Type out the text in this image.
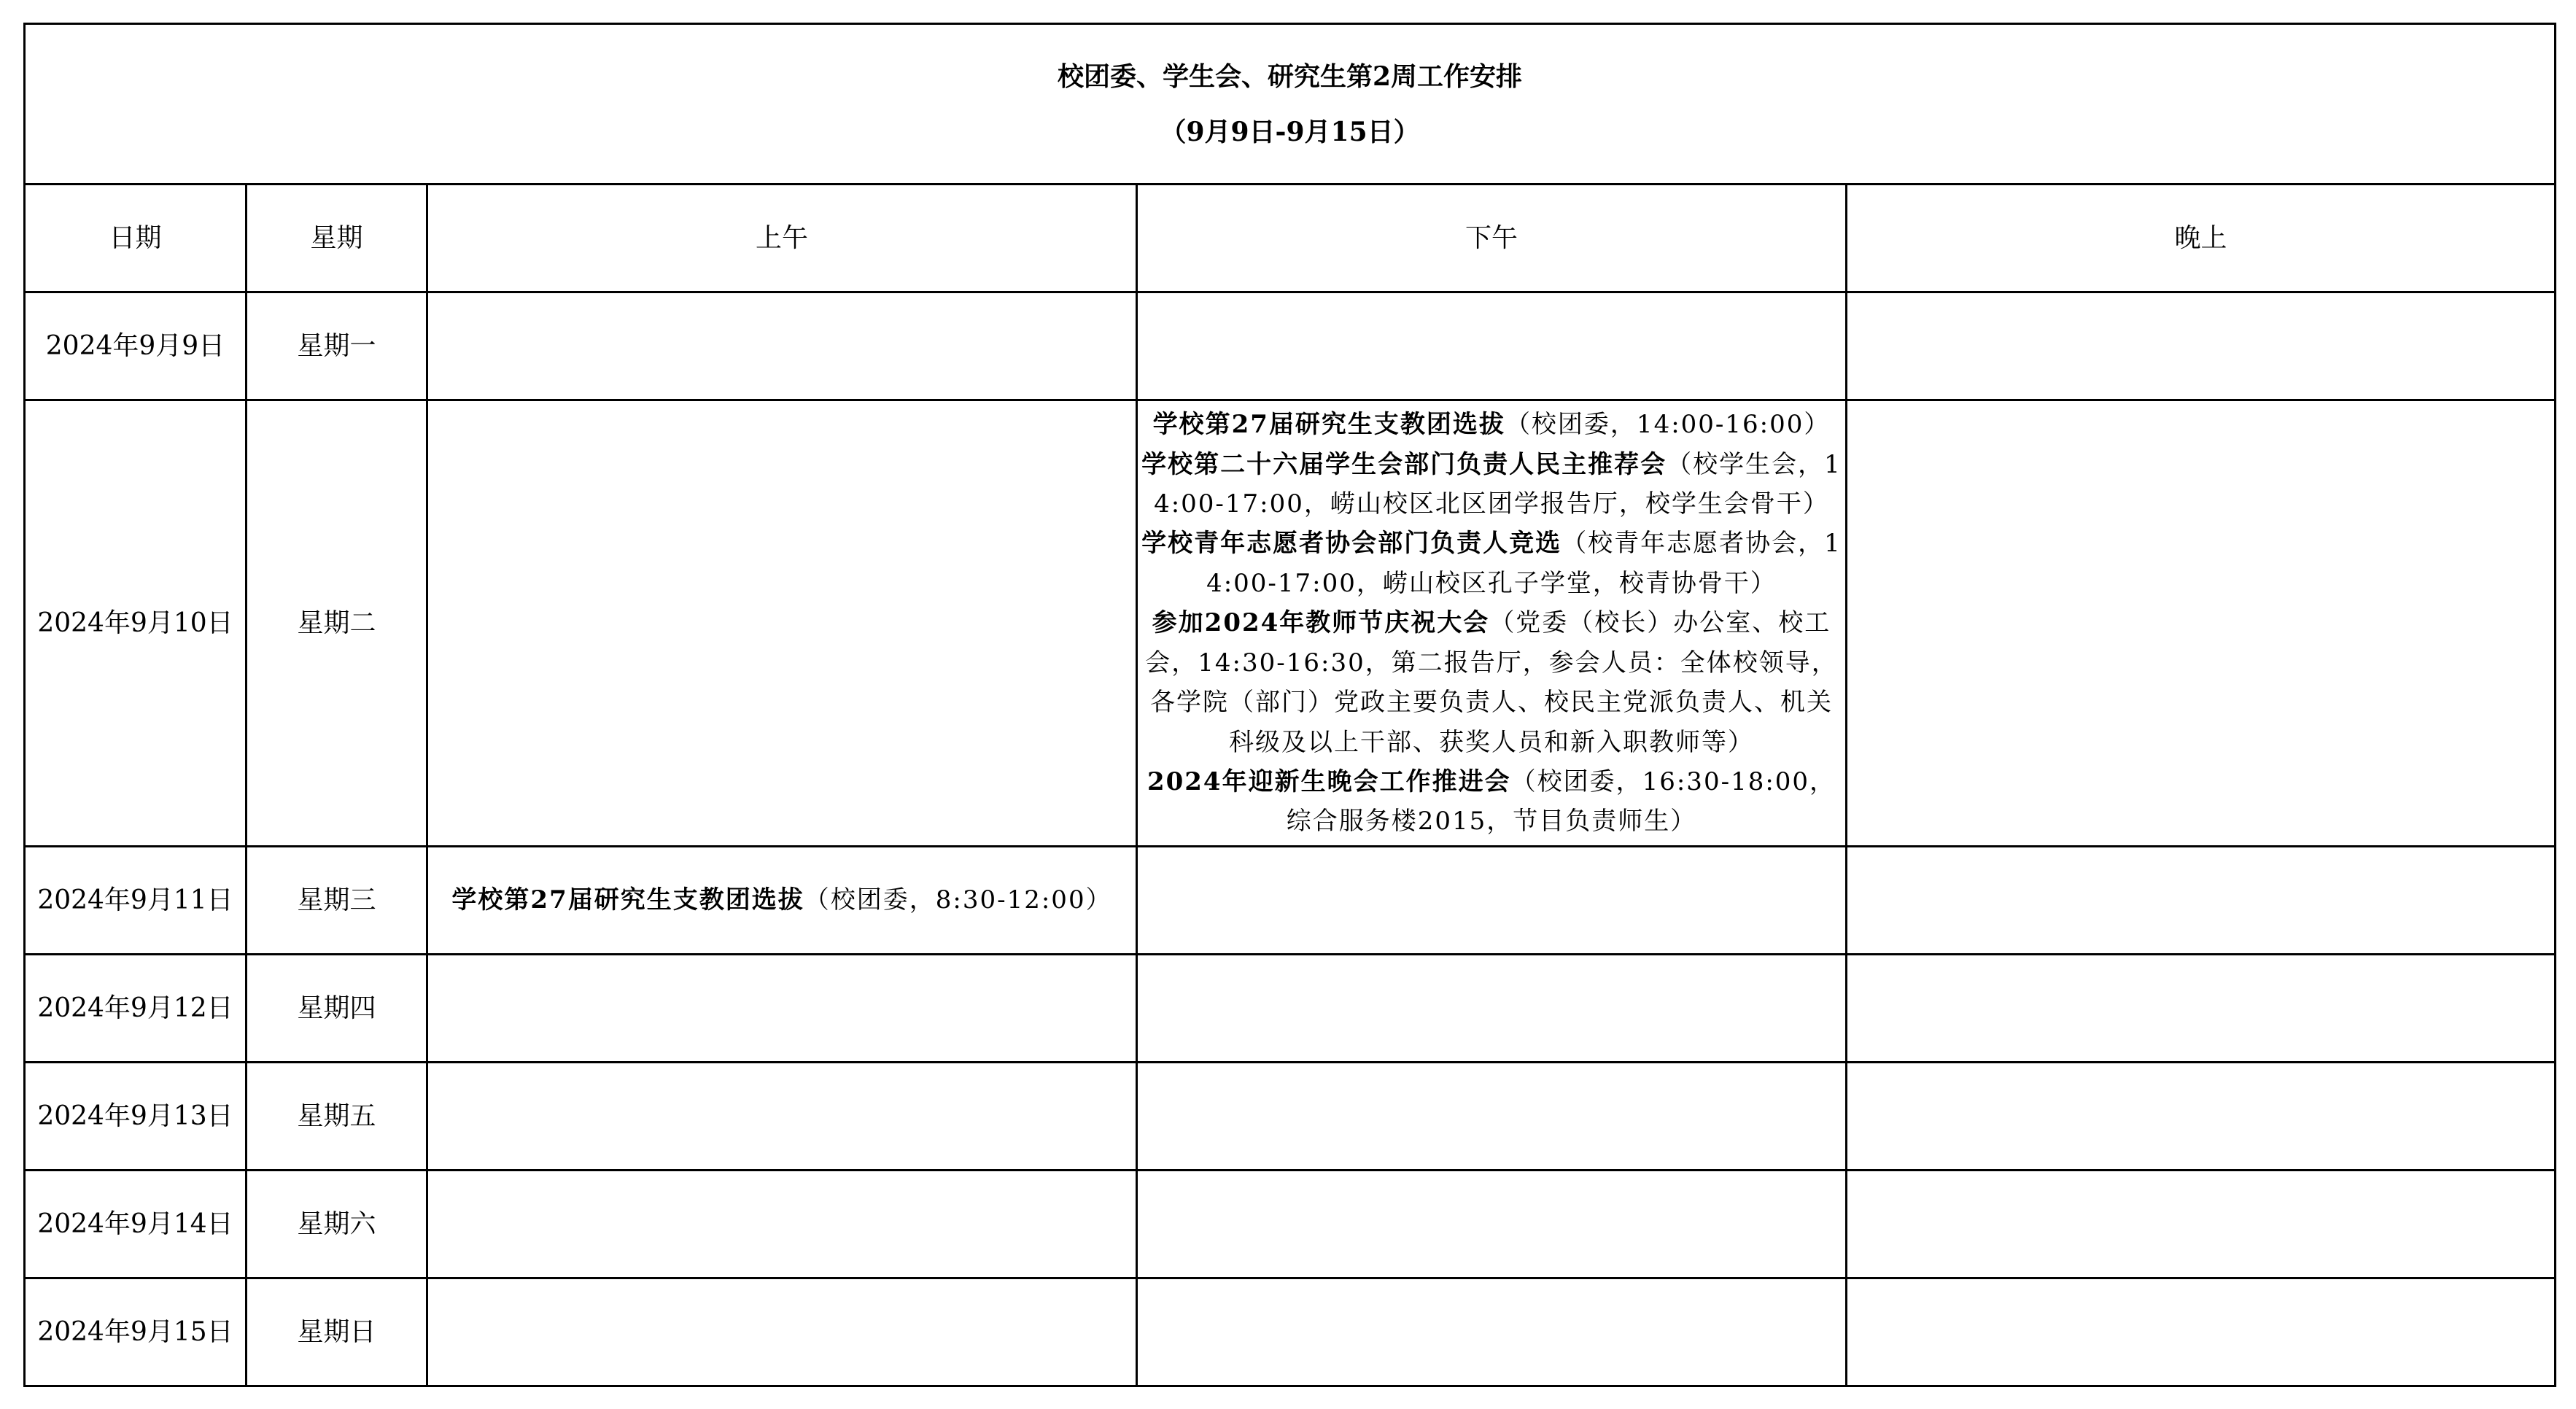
校团委、学生会、研究生第2周工作安排
（9月9日-9月15日）				

日期	星期	上午	下午	晚上
2024年9月9日	星期一			
2024年9月10日	星期二		学校第27届研究生支教团选拔（校团委，14:00-16:00）
学校第二十六届学生会部门负责人民主推荐会（校学生会，14:00-17:00，崂山校区北区团学报告厅，校学生会骨干）
学校青年志愿者协会部门负责人竞选（校青年志愿者协会，14:00-17:00，崂山校区孔子学堂，校青协骨干）
参加2024年教师节庆祝大会（党委（校长）办公室、校工会，14:30-16:30，第二报告厅，参会人员：全体校领导，各学院（部门）党政主要负责人、校民主党派负责人、机关科级及以上干部、获奖人员和新入职教师等）
2024年迎新生晚会工作推进会（校团委，16:30-18:00，综合服务楼2015，节目负责师生）	

2024年9月11日	星期三	学校第27届研究生支教团选拔（校团委，8:30-12:00）		

2024年9月12日	星期四			
2024年9月13日	星期五			
2024年9月14日	星期六			
2024年9月15日	星期日			
